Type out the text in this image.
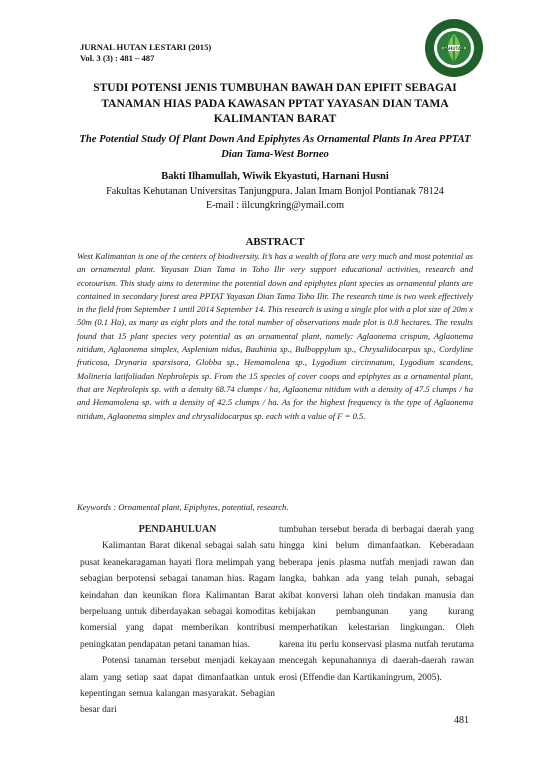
JURNAL HUTAN LESTARI (2015)
Vol. 3 (3) : 481 – 487
FAHUTAN
STUDI POTENSI JENIS TUMBUHAN BAWAH DAN EPIFIT SEBAGAI TANAMAN HIAS PADA KAWASAN PPTAT YAYASAN DIAN TAMA KALIMANTAN BARAT
The Potential Study Of Plant Down And Epiphytes As Ornamental Plants In Area PPTAT Dian Tama-West Borneo
Bakti Ilhamullah, Wiwik Ekyastuti, Harnani Husni
Fakultas Kehutanan Universitas Tanjungpura. Jalan Imam Bonjol Pontianak 78124
E-mail : iilcungkring@ymail.com
ABSTRACT
West Kalimantan is one of the centers of biodiversity. It’s has a wealth of flora are very much and most potential as an ornamental plant. Yayasan Dian Tama in Toho Ilir very support educational activities, research and ecotourism. This study aims to determine the potential down and epiphytes plant species as ornamental plants are contained in secondary forest area PPTAT Yayasan Dian Tama Toho Ilir. The research time is two week effectively in the field from September 1 until 2014 September 14. This research is using a single plot with a plot size of 20m x 50m (0.1 Ha), as many as eight plots and the total number of observations made plot is 0.8 hectares. The results found that 15 plant species very potential as an ornamental plant, namely: Aglaonema crispum, Aglaonema nitidum, Aglaonema simplex, Asplenium nidus, Bauhinia sp., Bulboppylum sp., Chrysalidocarpus sp., Cordyline fruticosa, Drynaria sparsisora, Globba sp., Hemamolena sp., Lygodium circinnatum, Lygodium scandens, Molineria latifoliadan Nephrolepis sp. From the 15 species of cover coops and epiphytes as a ornamental plant, that are Nephrolepis sp. with a density 68.74 clumps / ha, Aglaonema nitidum with a density of 47.5 clumps / ha and Hemamolena sp. with a density of 42.5 clumps / ha. As for the highest frequency is the type of Aglaonema nitidum, Aglaonema simplex and chrysalidocarpus sp. each with a value of F = 0.5.
Keywords : Ornamental plant, Epiphytes, potential, research.
PENDAHULUAN

Kalimantan Barat dikenal sebagai salah satu pusat keanekaragaman hayati flora melimpah yang sebagian berpotensi sebagai tanaman hias. Ragam keindahan dan keunikan flora Kalimantan Barat berpeluang untuk diberdayakan sebagai komoditas komersial yang dapat memberikan kontribusi peningkatan pendapatan petani tanaman hias.

Potensi tanaman tersebut menjadi kekayaan alam yang setiap saat dapat dimanfaatkan untuk kepentingan semua kalangan masyarakat. Sebagian besar dari

tumbuhan tersebut berada di berbagai daerah yang hingga kini belum dimanfaatkan. Keberadaan beberapa jenis plasma nutfah menjadi rawan dan langka, bahkan ada yang telah punah, sebagai akibat konversi lahan oleh tindakan manusia dan kebijakan pembangunan yang kurang memperhatikan kelestarian lingkungan. Oleh karena itu perlu konservasi plasma nutfah terutama mencegah kepunahannya di daerah-daerah rawan erosi (Effendie dan Kartikaningrum, 2005).

481
